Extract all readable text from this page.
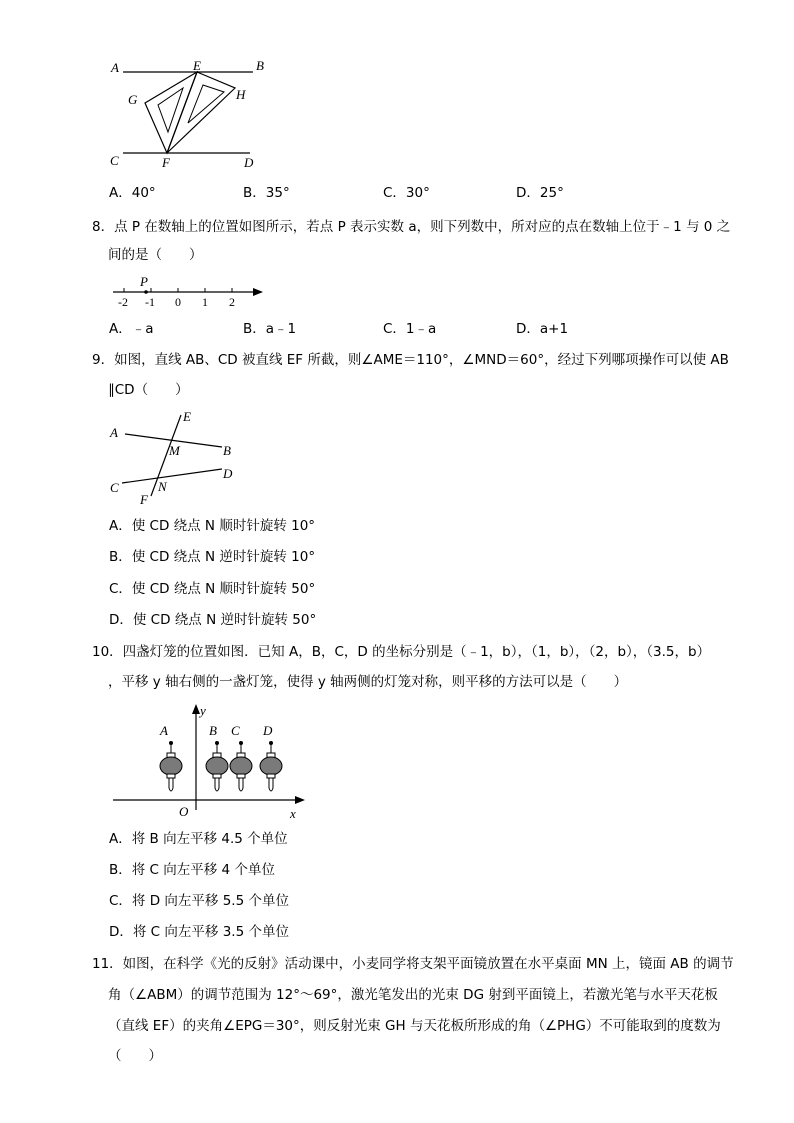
A	E	B
G	H
C	F	D
A．40°	B．35°	C．30°	D．25°
8．点 P 在数轴上的位置如图所示，若点 P 表示实数 a，则下列数中，所对应的点在数轴上位于﹣1 与 0 之
间的是（　　）
P
-2 -1 0 1 2
A．﹣a	B．a﹣1	C．1﹣a	D．a+1
9．如图，直线 AB、CD 被直线 EF 所截，则∠AME＝110°，∠MND＝60°，经过下列哪项操作可以使 AB
∥CD（　　）
A
B
C
D
E
F
M
N
A．使 CD 绕点 N 顺时针旋转 10°
B．使 CD 绕点 N 逆时针旋转 10°
C．使 CD 绕点 N 顺时针旋转 50°
D．使 CD 绕点 N 逆时针旋转 50°
10．四盏灯笼的位置如图．已知 A，B，C，D 的坐标分别是（﹣1，b），（1，b），（2，b），（3.5，b）
，平移 y 轴右侧的一盏灯笼，使得 y 轴两侧的灯笼对称，则平移的方法可以是（　　）
y
x
O
A	B C D
A．将 B 向左平移 4.5 个单位
B．将 C 向左平移 4 个单位
C．将 D 向左平移 5.5 个单位
D．将 C 向左平移 3.5 个单位
11．如图，在科学《光的反射》活动课中，小麦同学将支架平面镜放置在水平桌面 MN 上，镜面 AB 的调节
角（∠ABM）的调节范围为 12°～69°，激光笔发出的光束 DG 射到平面镜上，若激光笔与水平天花板
（直线 EF）的夹角∠EPG＝30°，则反射光束 GH 与天花板所形成的角（∠PHG）不可能取到的度数为
（　　）
